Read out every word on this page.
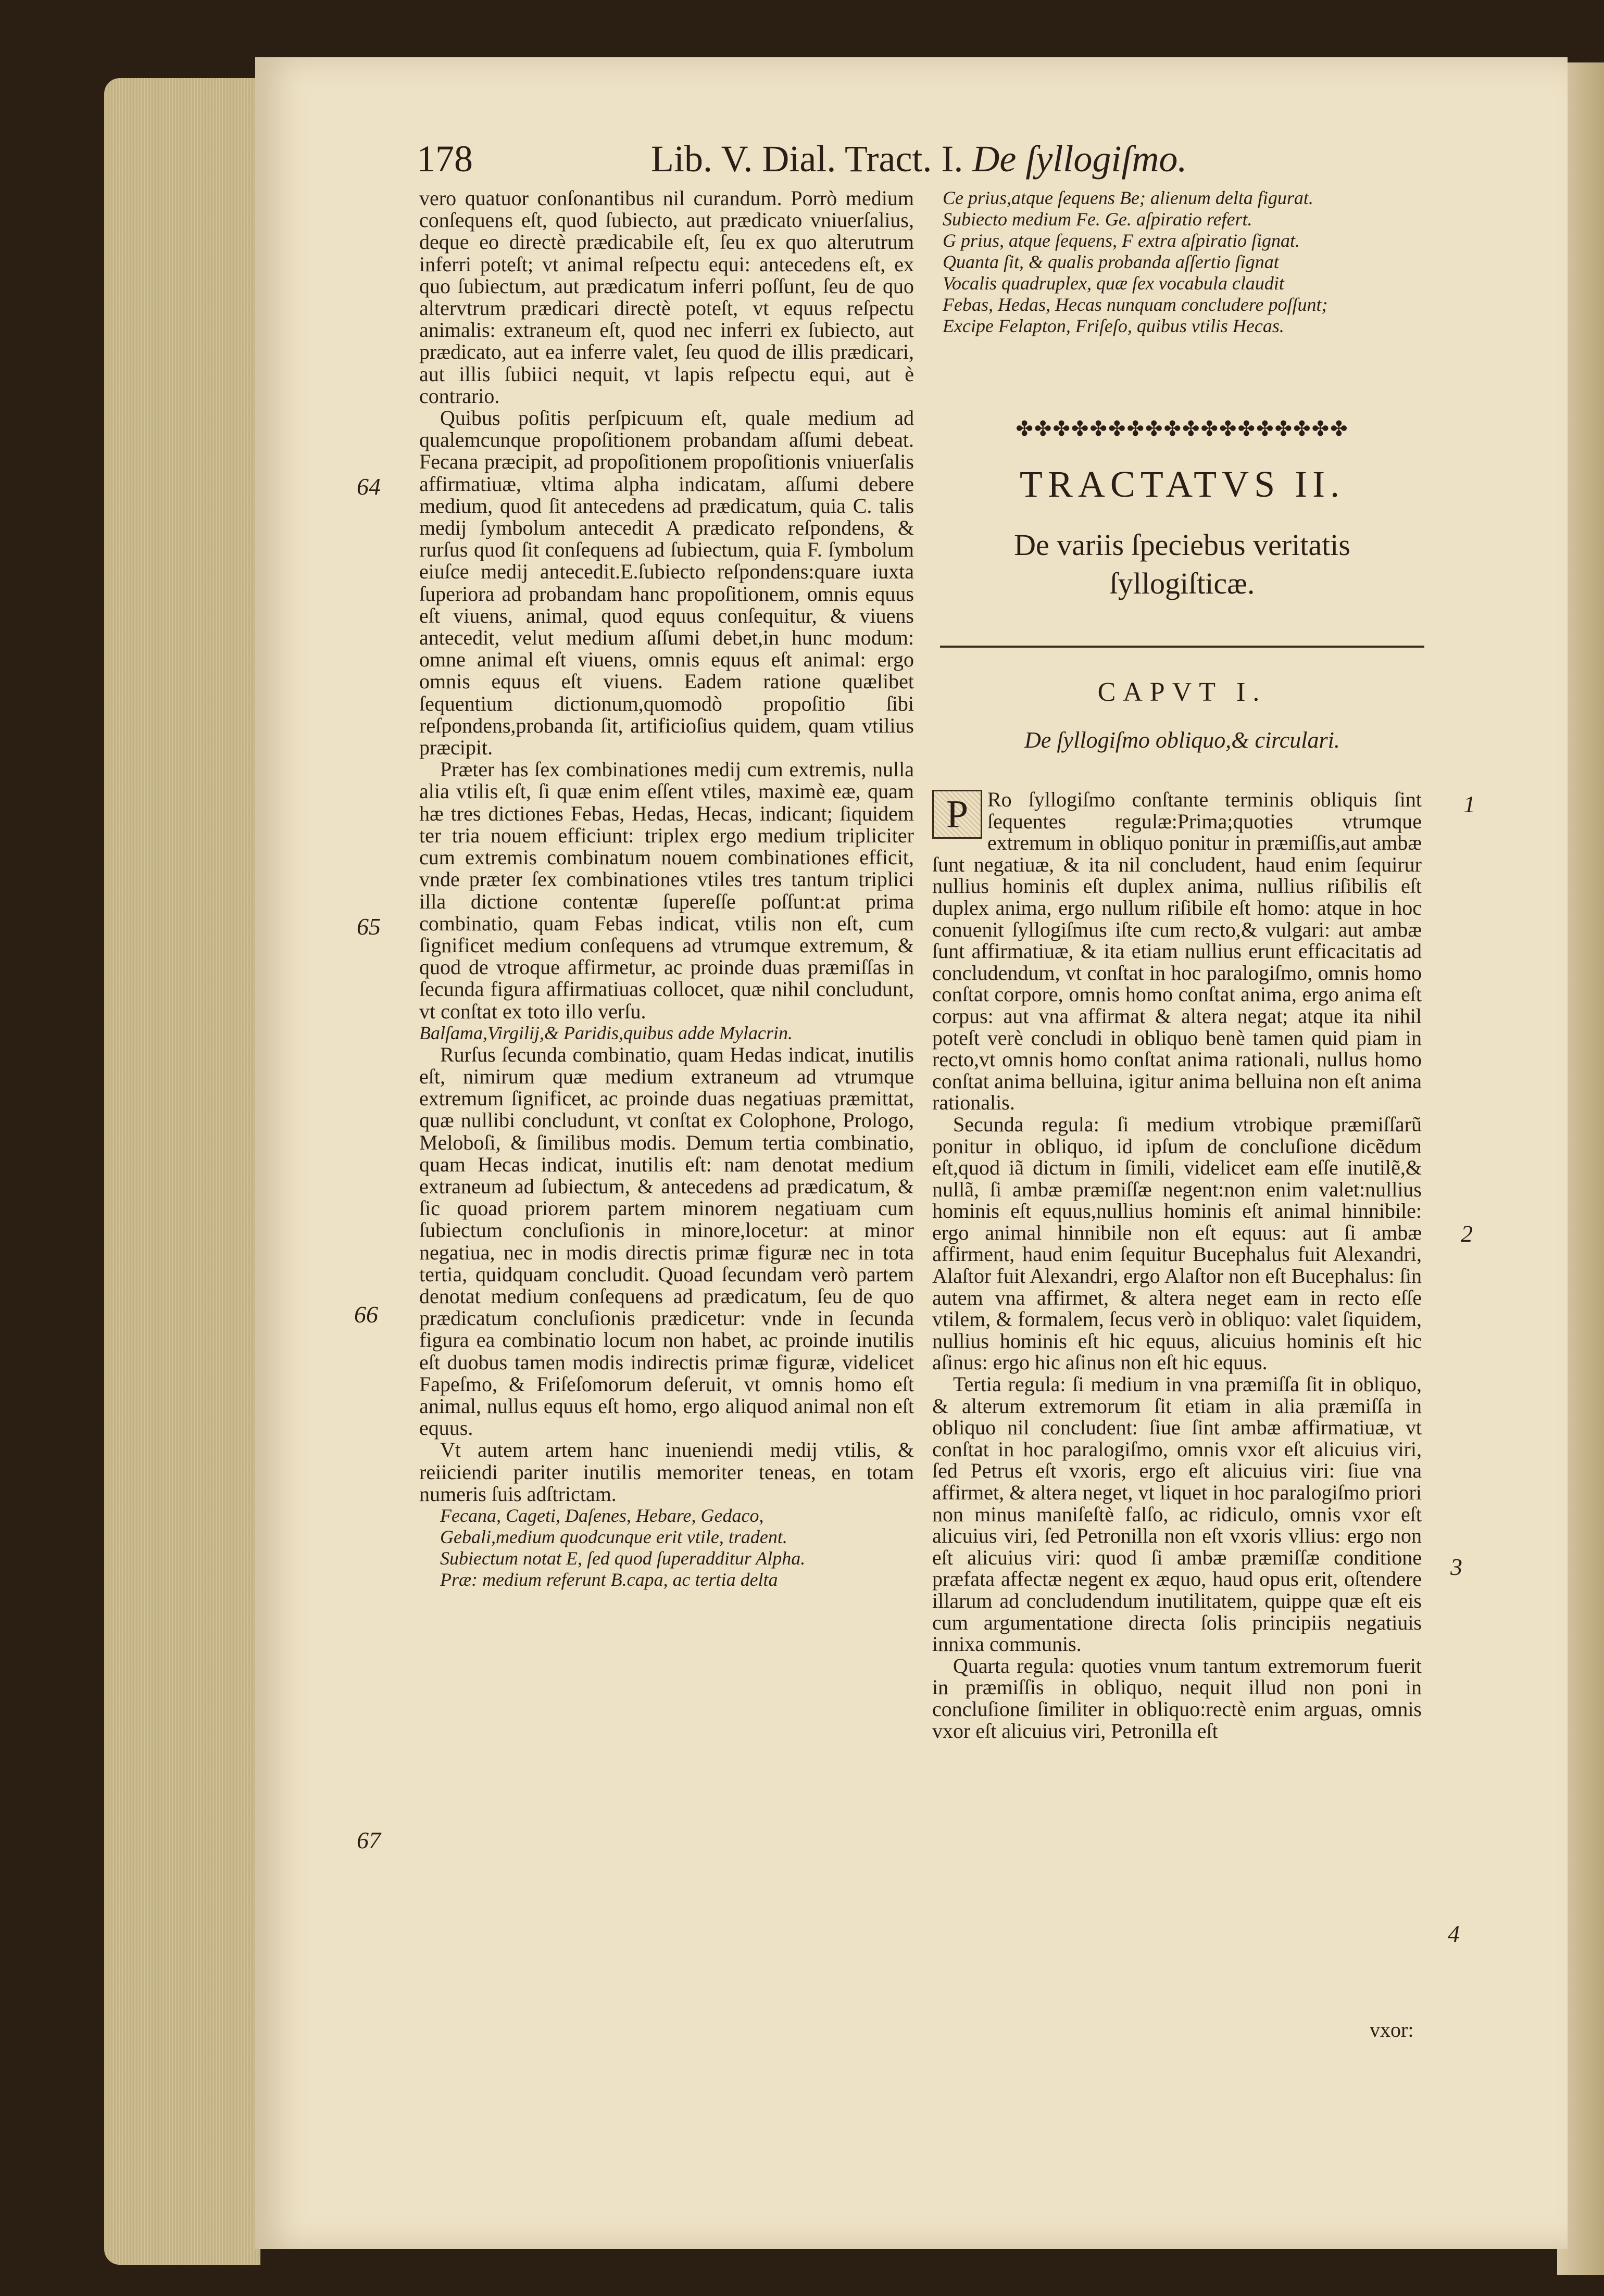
178	Lib. V. Dial. Tract. I. De ſyllogiſmo.

vero quatuor conſonantibus nil curandum. Porrò medium conſequens eſt, quod ſubiecto, aut prædicato vniuerſalius, deque eo directè prædicabile eſt, ſeu ex quo alterutrum inferri poteſt; vt animal reſpectu equi: antecedens eſt, ex quo ſubiectum, aut prædicatum inferri poſſunt, ſeu de quo altervtrum prædicari directè poteſt, vt equus reſpectu animalis: extraneum eſt, quod nec inferri ex ſubiecto, aut prædicato, aut ea inferre valet, ſeu quod de illis prædicari, aut illis ſubiici nequit, vt lapis reſpectu equi, aut è contrario.

Quibus poſitis perſpicuum eſt, quale medium ad qualemcunque propoſitionem probandam aſſumi debeat. Fecana præcipit, ad propoſitionem propoſitionis vniuerſalis affirmatiuæ, vltima alpha indicatam, aſſumi debere medium, quod ſit antecedens ad prædicatum, quia C. talis medij ſymbolum antecedit A prædicato reſpondens, & rurſus quod ſit conſequens ad ſubiectum, quia F. ſymbolum eiuſce medij antecedit.E.ſubiecto reſpondens:quare iuxta ſuperiora ad probandam hanc propoſitionem, omnis equus eſt viuens, animal, quod equus conſequitur, & viuens antecedit, velut medium aſſumi debet,in hunc modum: omne animal eſt viuens, omnis equus eſt animal: ergo omnis equus eſt viuens. Eadem ratione quælibet ſequentium dictionum,quomodò propoſitio ſibi reſpondens,probanda ſit, artificioſius quidem, quam vtilius præcipit.

Præter has ſex combinationes medij cum extremis, nulla alia vtilis eſt, ſi quæ enim eſſent vtiles, maximè eæ, quam hæ tres dictiones Febas, Hedas, Hecas, indicant; ſiquidem ter tria nouem efficiunt: triplex ergo medium tripliciter cum extremis combinatum nouem combinationes efficit, vnde præter ſex combinationes vtiles tres tantum triplici illa dictione contentæ ſupereſſe poſſunt:at prima combinatio, quam Febas indicat, vtilis non eſt, cum ſignificet medium conſequens ad vtrumque extremum, & quod de vtroque affirmetur, ac proinde duas præmiſſas in ſecunda figura affirmatiuas collocet, quæ nihil concludunt, vt conſtat ex toto illo verſu.

Balſama,Virgilij,& Paridis,quibus adde Mylacrin.

Rurſus ſecunda combinatio, quam Hedas indicat, inutilis eſt, nimirum quæ medium extraneum ad vtrumque extremum ſignificet, ac proinde duas negatiuas præmittat, quæ nullibi concludunt, vt conſtat ex Colophone, Prologo, Meloboſi, & ſimilibus modis. Demum tertia combinatio, quam Hecas indicat, inutilis eſt: nam denotat medium extraneum ad ſubiectum, & antecedens ad prædicatum, & ſic quoad priorem partem minorem negatiuam cum ſubiectum concluſionis in minore,locetur: at minor negatiua, nec in modis directis primæ figuræ nec in tota tertia, quidquam concludit. Quoad ſecundam verò partem denotat medium conſequens ad prædicatum, ſeu de quo prædicatum concluſionis prædicetur: vnde in ſecunda figura ea combinatio locum non habet, ac proinde inutilis eſt duobus tamen modis indirectis primæ figuræ, videlicet Fapeſmo, & Friſeſomorum deſeruit, vt omnis homo eſt animal, nullus equus eſt homo, ergo aliquod animal non eſt equus.

Vt autem artem hanc inueniendi medij vtilis, & reiiciendi pariter inutilis memoriter teneas, en totam numeris ſuis adſtrictam.

Fecana, Cageti, Daſenes, Hebare, Gedaco,

Gebali,medium quodcunque erit vtile, tradent.

Subiectum notat E, ſed quod ſuperadditur Alpha.

Præ: medium referunt B.capa, ac tertia delta

64
65
66
67
1
2
3
4

Ce prius,atque ſequens Be; alienum delta figurat.

Subiecto medium Fe. Ge. aſpiratio refert.

G prius, atque ſequens, F extra aſpiratio ſignat.

Quanta ſit, & qualis probanda aſſertio ſignat

Vocalis quadruplex, quæ ſex vocabula claudit

Febas, Hedas, Hecas nunquam concludere poſſunt;

Excipe Felapton, Friſeſo, quibus vtilis Hecas.

✤✤✤✤✤✤✤✤✤✤✤✤✤✤✤✤✤✤
TRACTATVS II.
De variis ſpeciebus veritatis
ſyllogiſticæ.
CAPVT I.
De ſyllogiſmo obliquo,& circulari.

P Ro ſyllogiſmo conſtante terminis obliquis ſint ſequentes regulæ:Prima;quoties vtrumque extremum in obliquo ponitur in præmiſſis,aut ambæ ſunt negatiuæ, & ita nil concludent, haud enim ſequirur nullius hominis eſt duplex anima, nullius riſibilis eſt duplex anima, ergo nullum riſibile eſt homo: atque in hoc conuenit ſyllogiſmus iſte cum recto,& vulgari: aut ambæ ſunt affirmatiuæ, & ita etiam nullius erunt efficacitatis ad concludendum, vt conſtat in hoc paralogiſmo, omnis homo conſtat corpore, omnis homo conſtat anima, ergo anima eſt corpus: aut vna affirmat & altera negat; atque ita nihil poteſt verè concludi in obliquo benè tamen quid piam in recto,vt omnis homo conſtat anima rationali, nullus homo conſtat anima belluina, igitur anima belluina non eſt anima rationalis.

Secunda regula: ſi medium vtrobique præmiſſarũ ponitur in obliquo, id ipſum de concluſione dicẽdum eſt,quod iã dictum in ſimili, videlicet eam eſſe inutilẽ,& nullã, ſi ambæ præmiſſæ negent:non enim valet:nullius hominis eſt equus,nullius hominis eſt animal hinnibile: ergo animal hinnibile non eſt equus: aut ſi ambæ affirment, haud enim ſequitur Bucephalus fuit Alexandri, Alaſtor fuit Alexandri, ergo Alaſtor non eſt Bucephalus: ſin autem vna affirmet, & altera neget eam in recto eſſe vtilem, & formalem, ſecus verò in obliquo: valet ſiquidem, nullius hominis eſt hic equus, alicuius hominis eſt hic aſinus: ergo hic aſinus non eſt hic equus.

Tertia regula: ſi medium in vna præmiſſa ſit in obliquo, & alterum extremorum ſit etiam in alia præmiſſa in obliquo nil concludent: ſiue ſint ambæ affirmatiuæ, vt conſtat in hoc paralogiſmo, omnis vxor eſt alicuius viri, ſed Petrus eſt vxoris, ergo eſt alicuius viri: ſiue vna affirmet, & altera neget, vt liquet in hoc paralogiſmo priori non minus maniſeſtè falſo, ac ridiculo, omnis vxor eſt alicuius viri, ſed Petronilla non eſt vxoris vllius: ergo non eſt alicuius viri: quod ſi ambæ præmiſſæ conditione præfata affectæ negent ex æquo, haud opus erit, oſtendere illarum ad concludendum inutilitatem, quippe quæ eſt eis cum argumentatione directa ſolis principiis negatiuis innixa communis.

Quarta regula: quoties vnum tantum extremorum fuerit in præmiſſis in obliquo, nequit illud non poni in concluſione ſimiliter in obliquo:rectè enim arguas, omnis vxor eſt alicuius viri, Petronilla eſt

vxor:
